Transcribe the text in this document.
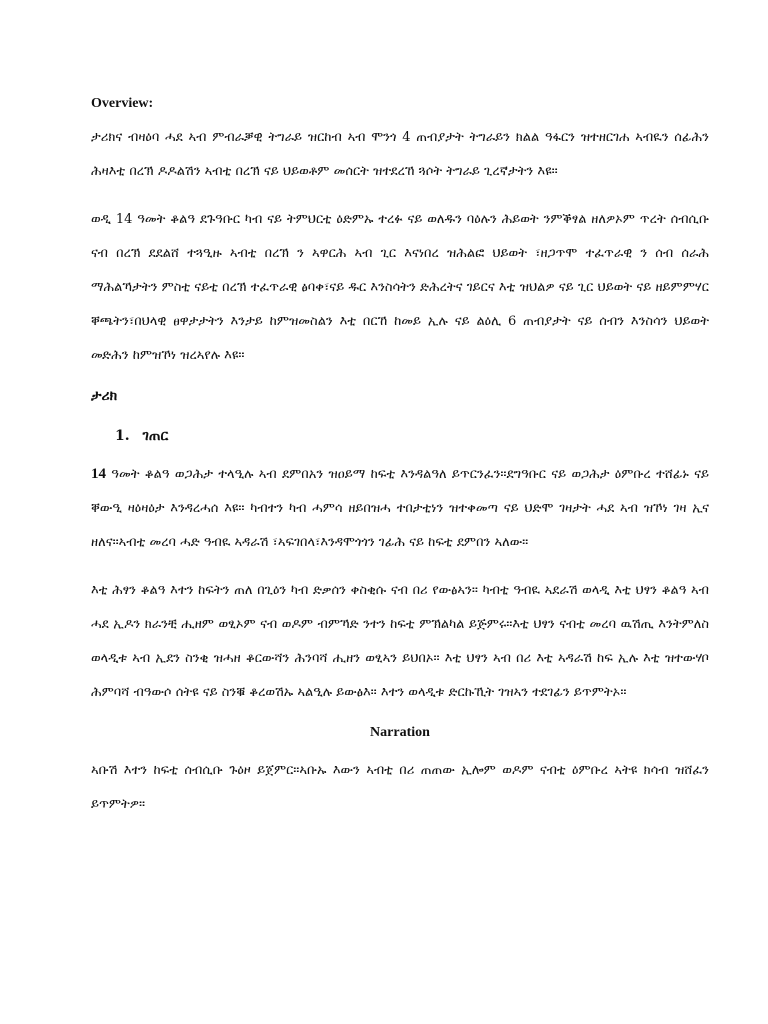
Overview:

ታሪክና ብዛዕባ ሓደ ኣብ ምብራቓዊ ትግራይ ዝርከብ ኣብ ሞንጎ 4 ጠብያታት ትግራይን ክልል ዓፋርን ዝተዘርገሐ ኣብዪን ሰፊሕን ሕዛእቲ በረኽ ዶዶልሽን ኣብቲ በረኽ ናይ ህይወቶም መሰርት ዝተደረኸ ጓሶት ትግራይ ጊረኛታትን እዩ።

ወዲ 14 ዓመት ቆልዓ ደጉዓቡር ካብ ናይ ትምህርቲ ዕድምኡ ተረፉ ናይ ወለዱን ባዕሉን ሕይወት ንምቕፃል ዘለዎኦም ጥረት ሰብሲቡ ናብ በረኽ ደደልሸ ተጓዒዙ ኣብቲ በረኽ ን ኣዋርሕ ኣብ ጊር እናነበረ ዝሕልፎ ህይወት ፣ዘጋጥሞ ተፈጥራዊ ን ሰብ ሰራሕ ማሕልኻታትን ምስቲ ናይቲ በረኽ ተፈጥራዊ ፅባቀ፣ናይ ዱር እንስሳትን ድሕረትና ገይርና እቲ ዝህልዎ ናይ ጊር ህይወት ናይ ዘይምምሃር ቐጫትን፣በህላዊ ፀዋታታትን እንታይ ከምዝመስልን እቲ በርኸ ከመይ ኢሉ ናይ ልዕሊ 6 ጠብያታት ናይ ሰብን እንስሳን ህይወት መድሕን ከምዝኾነ ዝረኣየሉ እዩ።

ታሪክ
1. ገጠር

14 ዓመት ቆልዓ ወጋሕታ ተላዒሉ ኣብ ደምበአን ዝዐይማ ከፍቲ እንዳልዓለ ይጥርንፈን።ደግዓቡር ናይ ወጋሕታ ዕምቡረ ተሸፊኑ ናይ ቐውዒ ዛዕዛዕታ እንዳረሓሰ እዩ። ካብተን ካብ ሓምሳ ዘይበዝሓ ተበታቲነን ዝተቀመጣ ናይ ህድሞ ገዛታት ሓደ ኣብ ዝኾነ ገዛ ኢና ዘለና።ኣብቲ መረባ ሓድ ዓብዪ ኣዳራሽ ፣ኣፍገበላ፣እንዳሞጎጎን ገፊሕ ናይ ከፍቲ ደምበን ኣለው።

እቲ ሕፃን ቆልዓ እተን ከፍትን ጠለ በጊዕን ካብ ድቃሰን ቀስቂሱ ናብ በሪ የውፅኣን። ካብቲ ዓብዪ ኣደራሽ ወላዲ እቲ ህፃን ቆልዓ ኣብ ሓደ ኢዶን ክራንቺ ሒዘም ወፂኦም ናብ ወዶም ብምኻድ ንተን ከፍቲ ምኽልካል ይጅምሩ።እቲ ህፃን ናብቲ መረባ ዉሽጢ እንትምለስ ወላዲቱ ኣብ ኢደን ስንቂ ዝሓዘ ቆርውሻን ሕንባሻ ሒዘን ወፂኣን ይህበኦ። እቲ ህፃን ኣብ በሪ እቲ ኣዳራሽ ከፍ ኢሉ እቲ ዝተውሃቦ ሕምባሻ ብዓውሶ ሰትዩ ናይ ስንቑ ቆረወሽኡ ኣልዒሉ ይውፅእ። እተን ወላዲቱ ድርኩኺት ገዝኣን ተደገፊን ይጥምትኦ።

Narration

ኣቡሽ እተን ከፍቲ ሰብሲቡ ጉዕዞ ይጀምር።ኣቡኡ እውን ኣብቲ በሪ ጠጠው ኢሎም ወዶም ናብቲ ዕምቡረ ኣትዩ ክሳብ ዝሸፈን ይጥምትዎ።
